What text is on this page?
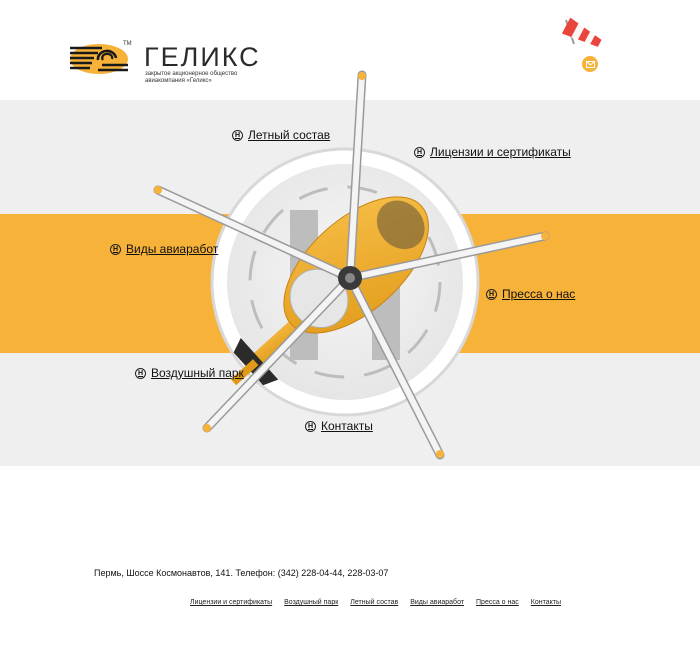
TM ГЕЛИКС
закрытое акционерное общество авиакомпания «Геликс»
Н Летный состав
Н Лицензии и сертификаты
Н Виды авиаработ
Н Пресса о нас
Н Воздушный парк
Н Контакты
Пермь, Шоссе Космонавтов, 141. Телефон: (342) 228-04-44, 228-03-07
Лицензии и сертификаты Воздушный парк Летный состав Виды авиаработ Пресса о нас Контакты
